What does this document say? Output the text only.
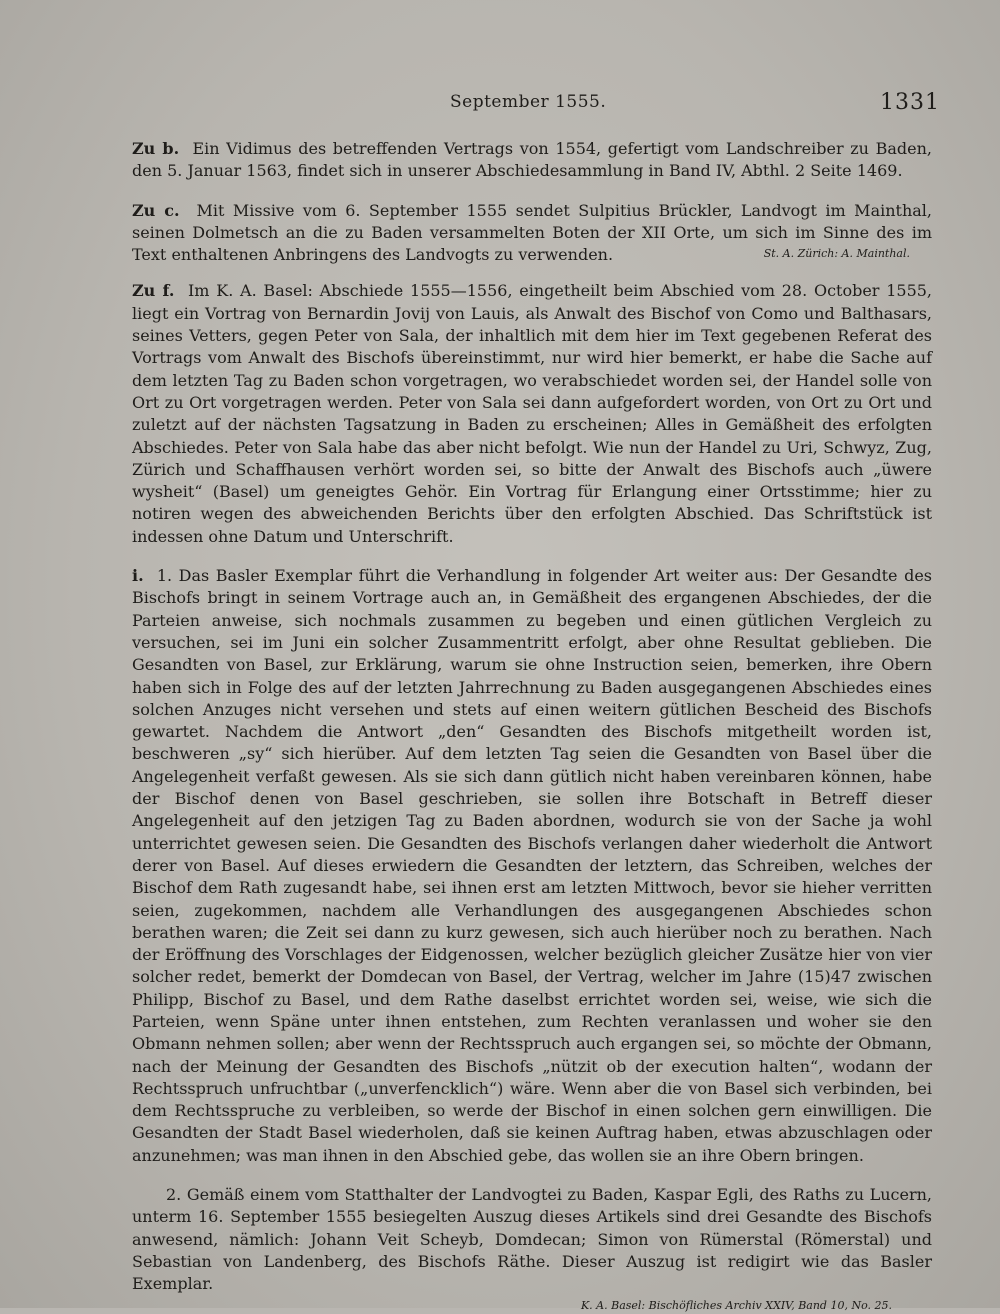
September 1555.	1331

Zu b. Ein Vidimus des betreffenden Vertrags von 1554, gefertigt vom Landschreiber zu Baden, den 5. Januar 1563, findet sich in unserer Abschiedesammlung in Band IV, Abthl. 2 Seite 1469.

Zu c. Mit Missive vom 6. September 1555 sendet Sulpitius Brückler, Landvogt im Mainthal, seinen Dolmetsch an die zu Baden versammelten Boten der XII Orte, um sich im Sinne des im Text enthaltenen Anbringens des Landvogts zu verwenden.	St. A. Zürich: A. Mainthal.

Zu f. Im K. A. Basel: Abschiede 1555—1556, eingetheilt beim Abschied vom 28. October 1555, liegt ein Vortrag von Bernardin Jovij von Lauis, als Anwalt des Bischof von Como und Balthasars, seines Vetters, gegen Peter von Sala, der inhaltlich mit dem hier im Text gegebenen Referat des Vortrags vom Anwalt des Bischofs übereinstimmt, nur wird hier bemerkt, er habe die Sache auf dem letzten Tag zu Baden schon vorgetragen, wo verabschiedet worden sei, der Handel solle von Ort zu Ort vorgetragen werden. Peter von Sala sei dann aufgefordert worden, von Ort zu Ort und zuletzt auf der nächsten Tagsatzung in Baden zu erscheinen; Alles in Gemäßheit des erfolgten Abschiedes. Peter von Sala habe das aber nicht befolgt. Wie nun der Handel zu Uri, Schwyz, Zug, Zürich und Schaffhausen verhört worden sei, so bitte der Anwalt des Bischofs auch „üwere wysheit“ (Basel) um geneigtes Gehör. Ein Vortrag für Erlangung einer Ortsstimme; hier zu notiren wegen des abweichenden Berichts über den erfolgten Abschied. Das Schriftstück ist indessen ohne Datum und Unterschrift.

i. 1. Das Basler Exemplar führt die Verhandlung in folgender Art weiter aus: Der Gesandte des Bischofs bringt in seinem Vortrage auch an, in Gemäßheit des ergangenen Abschiedes, der die Parteien anweise, sich nochmals zusammen zu begeben und einen gütlichen Vergleich zu versuchen, sei im Juni ein solcher Zusammentritt erfolgt, aber ohne Resultat geblieben. Die Gesandten von Basel, zur Erklärung, warum sie ohne Instruction seien, bemerken, ihre Obern haben sich in Folge des auf der letzten Jahrrechnung zu Baden ausgegangenen Abschiedes eines solchen Anzuges nicht versehen und stets auf einen weitern gütlichen Bescheid des Bischofs gewartet. Nachdem die Antwort „den“ Gesandten des Bischofs mitgetheilt worden ist, beschweren „sy“ sich hierüber. Auf dem letzten Tag seien die Gesandten von Basel über die Angelegenheit verfaßt gewesen. Als sie sich dann gütlich nicht haben vereinbaren können, habe der Bischof denen von Basel geschrieben, sie sollen ihre Botschaft in Betreff dieser Angelegenheit auf den jetzigen Tag zu Baden abordnen, wodurch sie von der Sache ja wohl unterrichtet gewesen seien. Die Gesandten des Bischofs verlangen daher wiederholt die Antwort derer von Basel. Auf dieses erwiedern die Gesandten der letztern, das Schreiben, welches der Bischof dem Rath zugesandt habe, sei ihnen erst am letzten Mittwoch, bevor sie hieher verritten seien, zugekommen, nachdem alle Verhandlungen des ausgegangenen Abschiedes schon berathen waren; die Zeit sei dann zu kurz gewesen, sich auch hierüber noch zu berathen. Nach der Eröffnung des Vorschlages der Eidgenossen, welcher bezüglich gleicher Zusätze hier von vier solcher redet, bemerkt der Domdecan von Basel, der Vertrag, welcher im Jahre (15)47 zwischen Philipp, Bischof zu Basel, und dem Rathe daselbst errichtet worden sei, weise, wie sich die Parteien, wenn Späne unter ihnen entstehen, zum Rechten veranlassen und woher sie den Obmann nehmen sollen; aber wenn der Rechtsspruch auch ergangen sei, so möchte der Obmann, nach der Meinung der Gesandten des Bischofs „nützit ob der execution halten“, wodann der Rechtsspruch unfruchtbar („unverfencklich“) wäre. Wenn aber die von Basel sich verbinden, bei dem Rechtsspruche zu verbleiben, so werde der Bischof in einen solchen gern einwilligen. Die Gesandten der Stadt Basel wiederholen, daß sie keinen Auftrag haben, etwas abzuschlagen oder anzunehmen; was man ihnen in den Abschied gebe, das wollen sie an ihre Obern bringen.

2. Gemäß einem vom Statthalter der Landvogtei zu Baden, Kaspar Egli, des Raths zu Lucern, unterm 16. September 1555 besiegelten Auszug dieses Artikels sind drei Gesandte des Bischofs anwesend, nämlich: Johann Veit Scheyb, Domdecan; Simon von Rümerstal (Römerstal) und Sebastian von Landenberg, des Bischofs Räthe. Dieser Auszug ist redigirt wie das Basler Exemplar.

K. A. Basel: Bischöfliches Archiv XXIV, Band 10, No. 25.
